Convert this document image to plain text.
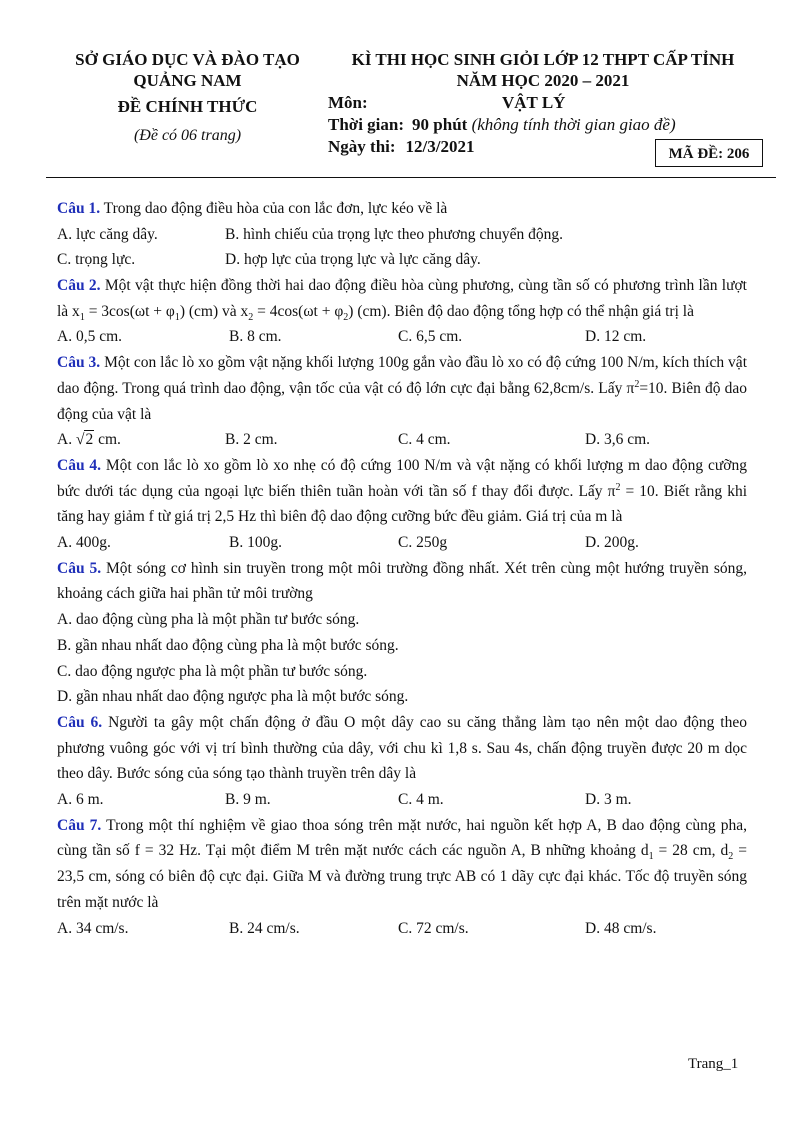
SỞ GIÁO DỤC VÀ ĐÀO TẠO
QUẢNG NAM
ĐỀ CHÍNH THỨC
(Đề có 06 trang)
KÌ THI HỌC SINH GIỎI LỚP 12 THPT CẤP TỈNH
NĂM HỌC 2020 – 2021
Môn:	VẬT LÝ
Thời gian: 90 phút (không tính thời gian giao đề)
Ngày thi: 12/3/2021	MÃ ĐỀ: 206

Câu 1. Trong dao động điều hòa của con lắc đơn, lực kéo về là

A. lực căng dây.	B. hình chiếu của trọng lực theo phương chuyển động.
C. trọng lực.	D. hợp lực của trọng lực và lực căng dây.

Câu 2. Một vật thực hiện đồng thời hai dao động điều hòa cùng phương, cùng tần số có phương trình lần lượt là $x_1 = 3\cos(\omega t + \varphi_1)$ (cm) và $x_2 = 4\cos(\omega t + \varphi_2)$ (cm). Biên độ dao động tổng hợp có thể nhận giá trị là

A. 0,5 cm.	B. 8 cm.	C. 6,5 cm.	D. 12 cm.

Câu 3. Một con lắc lò xo gồm vật nặng khối lượng 100g gắn vào đầu lò xo có độ cứng 100 N/m, kích thích vật dao động. Trong quá trình dao động, vận tốc của vật có độ lớn cực đại bằng 62,8cm/s. Lấy $\pi^2=10$. Biên độ dao động của vật là

A. √2 cm.	B. 2 cm.	C. 4 cm.	D. 3,6 cm.

Câu 4. Một con lắc lò xo gồm lò xo nhẹ có độ cứng 100 N/m và vật nặng có khối lượng m dao động cưỡng bức dưới tác dụng của ngoại lực biến thiên tuần hoàn với tần số f thay đổi được. Lấy $\pi^2 = 10$. Biết rằng khi tăng hay giảm f từ giá trị 2,5 Hz thì biên độ dao động cưỡng bức đều giảm. Giá trị của m là

A. 400g.	B. 100g.	C. 250g	D. 200g.

Câu 5. Một sóng cơ hình sin truyền trong một môi trường đồng nhất. Xét trên cùng một hướng truyền sóng, khoảng cách giữa hai phần tử môi trường

A. dao động cùng pha là một phần tư bước sóng.
B. gần nhau nhất dao động cùng pha là một bước sóng.
C. dao động ngược pha là một phần tư bước sóng.
D. gần nhau nhất dao động ngược pha là một bước sóng.

Câu 6. Người ta gây một chấn động ở đầu O một dây cao su căng thẳng làm tạo nên một dao động theo phương vuông góc với vị trí bình thường của dây, với chu kì 1,8 s. Sau 4s, chấn động truyền được 20 m dọc theo dây. Bước sóng của sóng tạo thành truyền trên dây là

A. 6 m.	B. 9 m.	C. 4 m.	D. 3 m.

Câu 7. Trong một thí nghiệm về giao thoa sóng trên mặt nước, hai nguồn kết hợp A, B dao động cùng pha, cùng tần số f = 32 Hz. Tại một điểm M trên mặt nước cách các nguồn A, B những khoảng $d_1 = 28$ cm, $d_2 = 23,5$ cm, sóng có biên độ cực đại. Giữa M và đường trung trực AB có 1 dãy cực đại khác. Tốc độ truyền sóng trên mặt nước là

A. 34 cm/s.	B. 24 cm/s.	C. 72 cm/s.	D. 48 cm/s.
Trang_1
